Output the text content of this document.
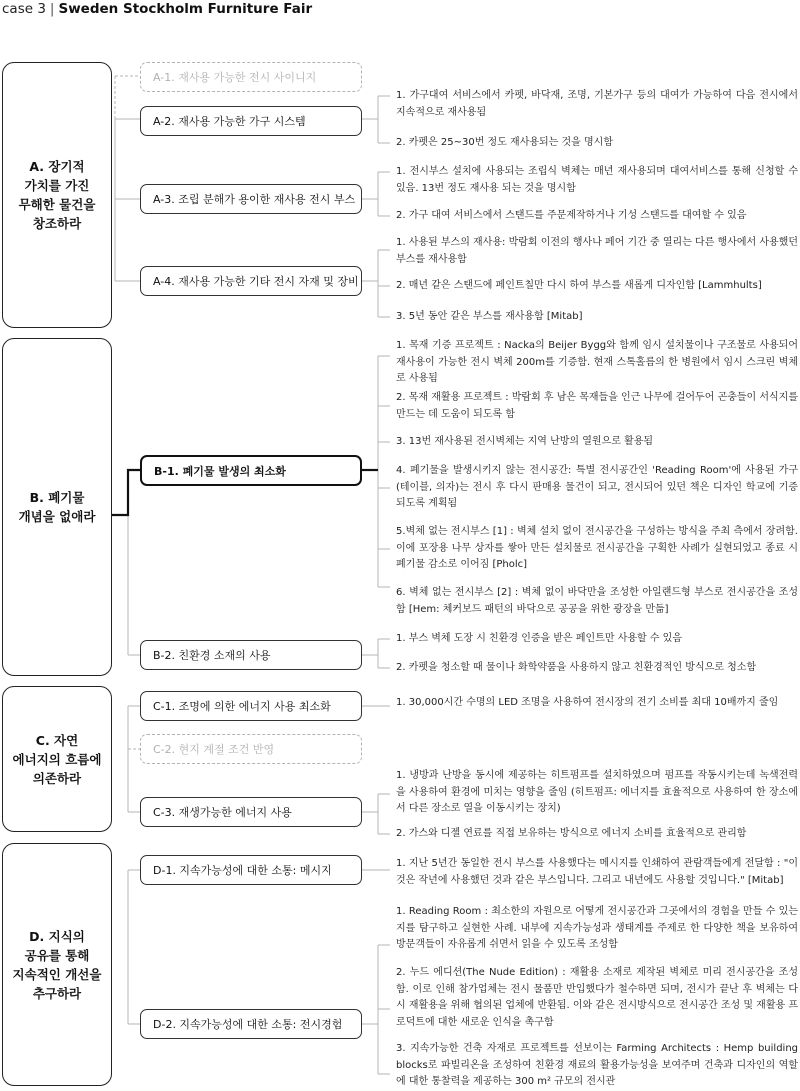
case 3 | Sweden Stockholm Furniture Fair
A. 장기적
가치를 가진
무해한 물건을
창조하라
B. 폐기물
개념을 없애라
C. 자연
에너지의 흐름에
의존하라
D. 지식의
공유를 통해
지속적인 개선을
추구하라
A-1. 재사용 가능한 전시 사이니지
A-2. 재사용 가능한 가구 시스템
A-3. 조립 분해가 용이한 재사용 전시 부스
A-4. 재사용 가능한 기타 전시 자재 및 장비
B-1. 폐기물 발생의 최소화
B-2. 친환경 소재의 사용
C-1. 조명에 의한 에너지 사용 최소화
C-2. 현지 계절 조건 반영
C-3. 재생가능한 에너지 사용
D-1. 지속가능성에 대한 소통: 메시지
D-2. 지속가능성에 대한 소통: 전시경험
1. 가구대여 서비스에서 카펫, 바닥재, 조명, 기본가구 등의 대여가 가능하여 다음 전시에서 지속적으로 재사용됨
2. 카펫은 25~30번 정도 재사용되는 것을 명시함
1. 전시부스 설치에 사용되는 조립식 벽체는 매년 재사용되며 대여서비스를 통해 신청할 수 있음. 13번 정도 재사용 되는 것을 명시함
2. 가구 대여 서비스에서 스탠드를 주문제작하거나 기성 스탠드를 대여할 수 있음
1. 사용된 부스의 재사용: 박람회 이전의 행사나 페어 기간 중 열리는 다른 행사에서 사용했던 부스를 재사용함
2. 매년 같은 스탠드에 페인트칠만 다시 하여 부스를 새롭게 디자인함 [Lammhults]
3. 5년 동안 같은 부스를 재사용함 [Mitab]
1. 목재 기증 프로젝트 : Nacka의 Beijer Bygg와 함께 임시 설치물이나 구조물로 사용되어 재사용이 가능한 전시 벽체 200m를 기증함. 현재 스톡홀름의 한 병원에서 임시 스크린 벽체로 사용됨
2. 목재 재활용 프로젝트 : 박람회 후 남은 목재들을 인근 나무에 걸어두어 곤충들이 서식지를 만드는 데 도움이 되도록 함
3. 13번 재사용된 전시벽체는 지역 난방의 열원으로 활용됨
4. 폐기물을 발생시키지 않는 전시공간: 특별 전시공간인 'Reading Room'에 사용된 가구(테이블, 의자)는 전시 후 다시 판매용 물건이 되고, 전시되어 있던 책은 디자인 학교에 기증되도록 계획됨
5.벽체 없는 전시부스 [1] : 벽체 설치 없이 전시공간을 구성하는 방식을 주최 측에서 장려함. 이에 포장용 나무 상자를 쌓아 만든 설치물로 전시공간을 구획한 사례가 실현되었고 종료 시 폐기물 감소로 이어짐 [Pholc]
6. 벽체 없는 전시부스 [2] : 벽체 없이 바닥만을 조성한 아일랜드형 부스로 전시공간을 조성함 [Hem: 체커보드 패턴의 바닥으로 공공을 위한 광장을 만듦]
1. 부스 벽체 도장 시 친환경 인증을 받은 페인트만 사용할 수 있음
2. 카펫을 청소할 때 물이나 화학약품을 사용하지 않고 친환경적인 방식으로 청소함
1. 30,000시간 수명의 LED 조명을 사용하여 전시장의 전기 소비를 최대 10배까지 줄임
1. 냉방과 난방을 동시에 제공하는 히트펌프를 설치하였으며 펌프를 작동시키는데 녹색전력을 사용하여 환경에 미치는 영향을 줄임 (히트펌프: 에너지를 효율적으로 사용하여 한 장소에서 다른 장소로 열을 이동시키는 장치)
2. 가스와 디젤 연료를 직접 보유하는 방식으로 에너지 소비를 효율적으로 관리함
1. 지난 5년간 동일한 전시 부스를 사용했다는 메시지를 인쇄하여 관람객들에게 전달함 : "이것은 작년에 사용했던 것과 같은 부스입니다. 그리고 내년에도 사용할 것입니다." [Mitab]
1. Reading Room : 최소한의 자원으로 어떻게 전시공간과 그곳에서의 경험을 만들 수 있는지를 탐구하고 실현한 사례. 내부에 지속가능성과 생태계를 주제로 한 다양한 책을 보유하여 방문객들이 자유롭게 쉬면서 읽을 수 있도록 조성함
2. 누드 에디션(The Nude Edition) : 재활용 소재로 제작된 벽체로 미리 전시공간을 조성함. 이로 인해 참가업체는 전시 물품만 반입했다가 철수하면 되며, 전시가 끝난 후 벽체는 다시 재활용을 위해 협의된 업체에 반환됨. 이와 같은 전시방식으로 전시공간 조성 및 재활용 프로덕트에 대한 새로운 인식을 촉구함
3. 지속가능한 건축 자재로 프로젝트를 선보이는 Farming Architects : Hemp building blocks로 파빌리온을 조성하여 친환경 재료의 활용가능성을 보여주며 건축과 디자인의 역할에 대한 통찰력을 제공하는 300 m² 규모의 전시관
